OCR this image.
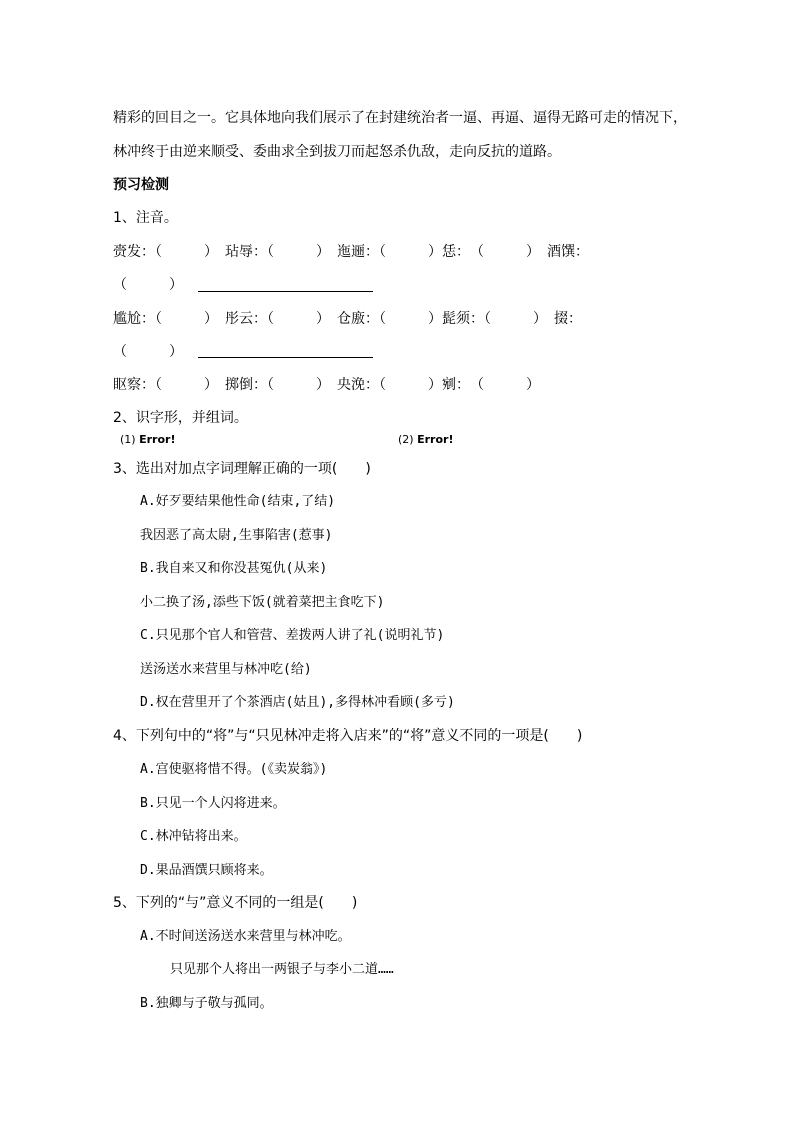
精彩的回目之一。它具体地向我们展示了在封建统治者一逼、再逼、逼得无路可走的情况下，
林冲终于由逆来顺受、委曲求全到拔刀而起怒杀仇敌，走向反抗的道路。
预习检测
1、注音。
赍发：（　　　）　玷辱：（　　　）　迤逦：（　　　）恁：　（　　　）　酒馔：
（　　　）
尴尬：（　　　）　彤云：（　　　）　仓廒：（　　　）髭须：（　　　）　掇：
（　　　）
眍察：（　　　）　掷倒：（　　　）　央浼：（　　　）剜：　（　　　）
2、识字形，并组词。
(1) Error!	(2) Error!
3、选出对加点字词理解正确的一项(　　)
A.好歹要结果他性命(结束,了结)
我因恶了高太尉,生事陷害(惹事)
B.我自来又和你没甚冤仇(从来)
小二换了汤,添些下饭(就着菜把主食吃下)
C.只见那个官人和管营、差拨两人讲了礼(说明礼节)
送汤送水来营里与林冲吃(给)
D.权在营里开了个茶酒店(姑且),多得林冲看顾(多亏)
4、下列句中的“将”与“只见林冲走将入店来”的“将”意义不同的一项是(　　)
A.宫使驱将惜不得。(《卖炭翁》)
B.只见一个人闪将进来。
C.林冲钻将出来。
D.果品酒馔只顾将来。
5、下列的“与”意义不同的一组是(　　)
A.不时间送汤送水来营里与林冲吃。
只见那个人将出一两银子与李小二道……
B.独卿与子敬与孤同。
